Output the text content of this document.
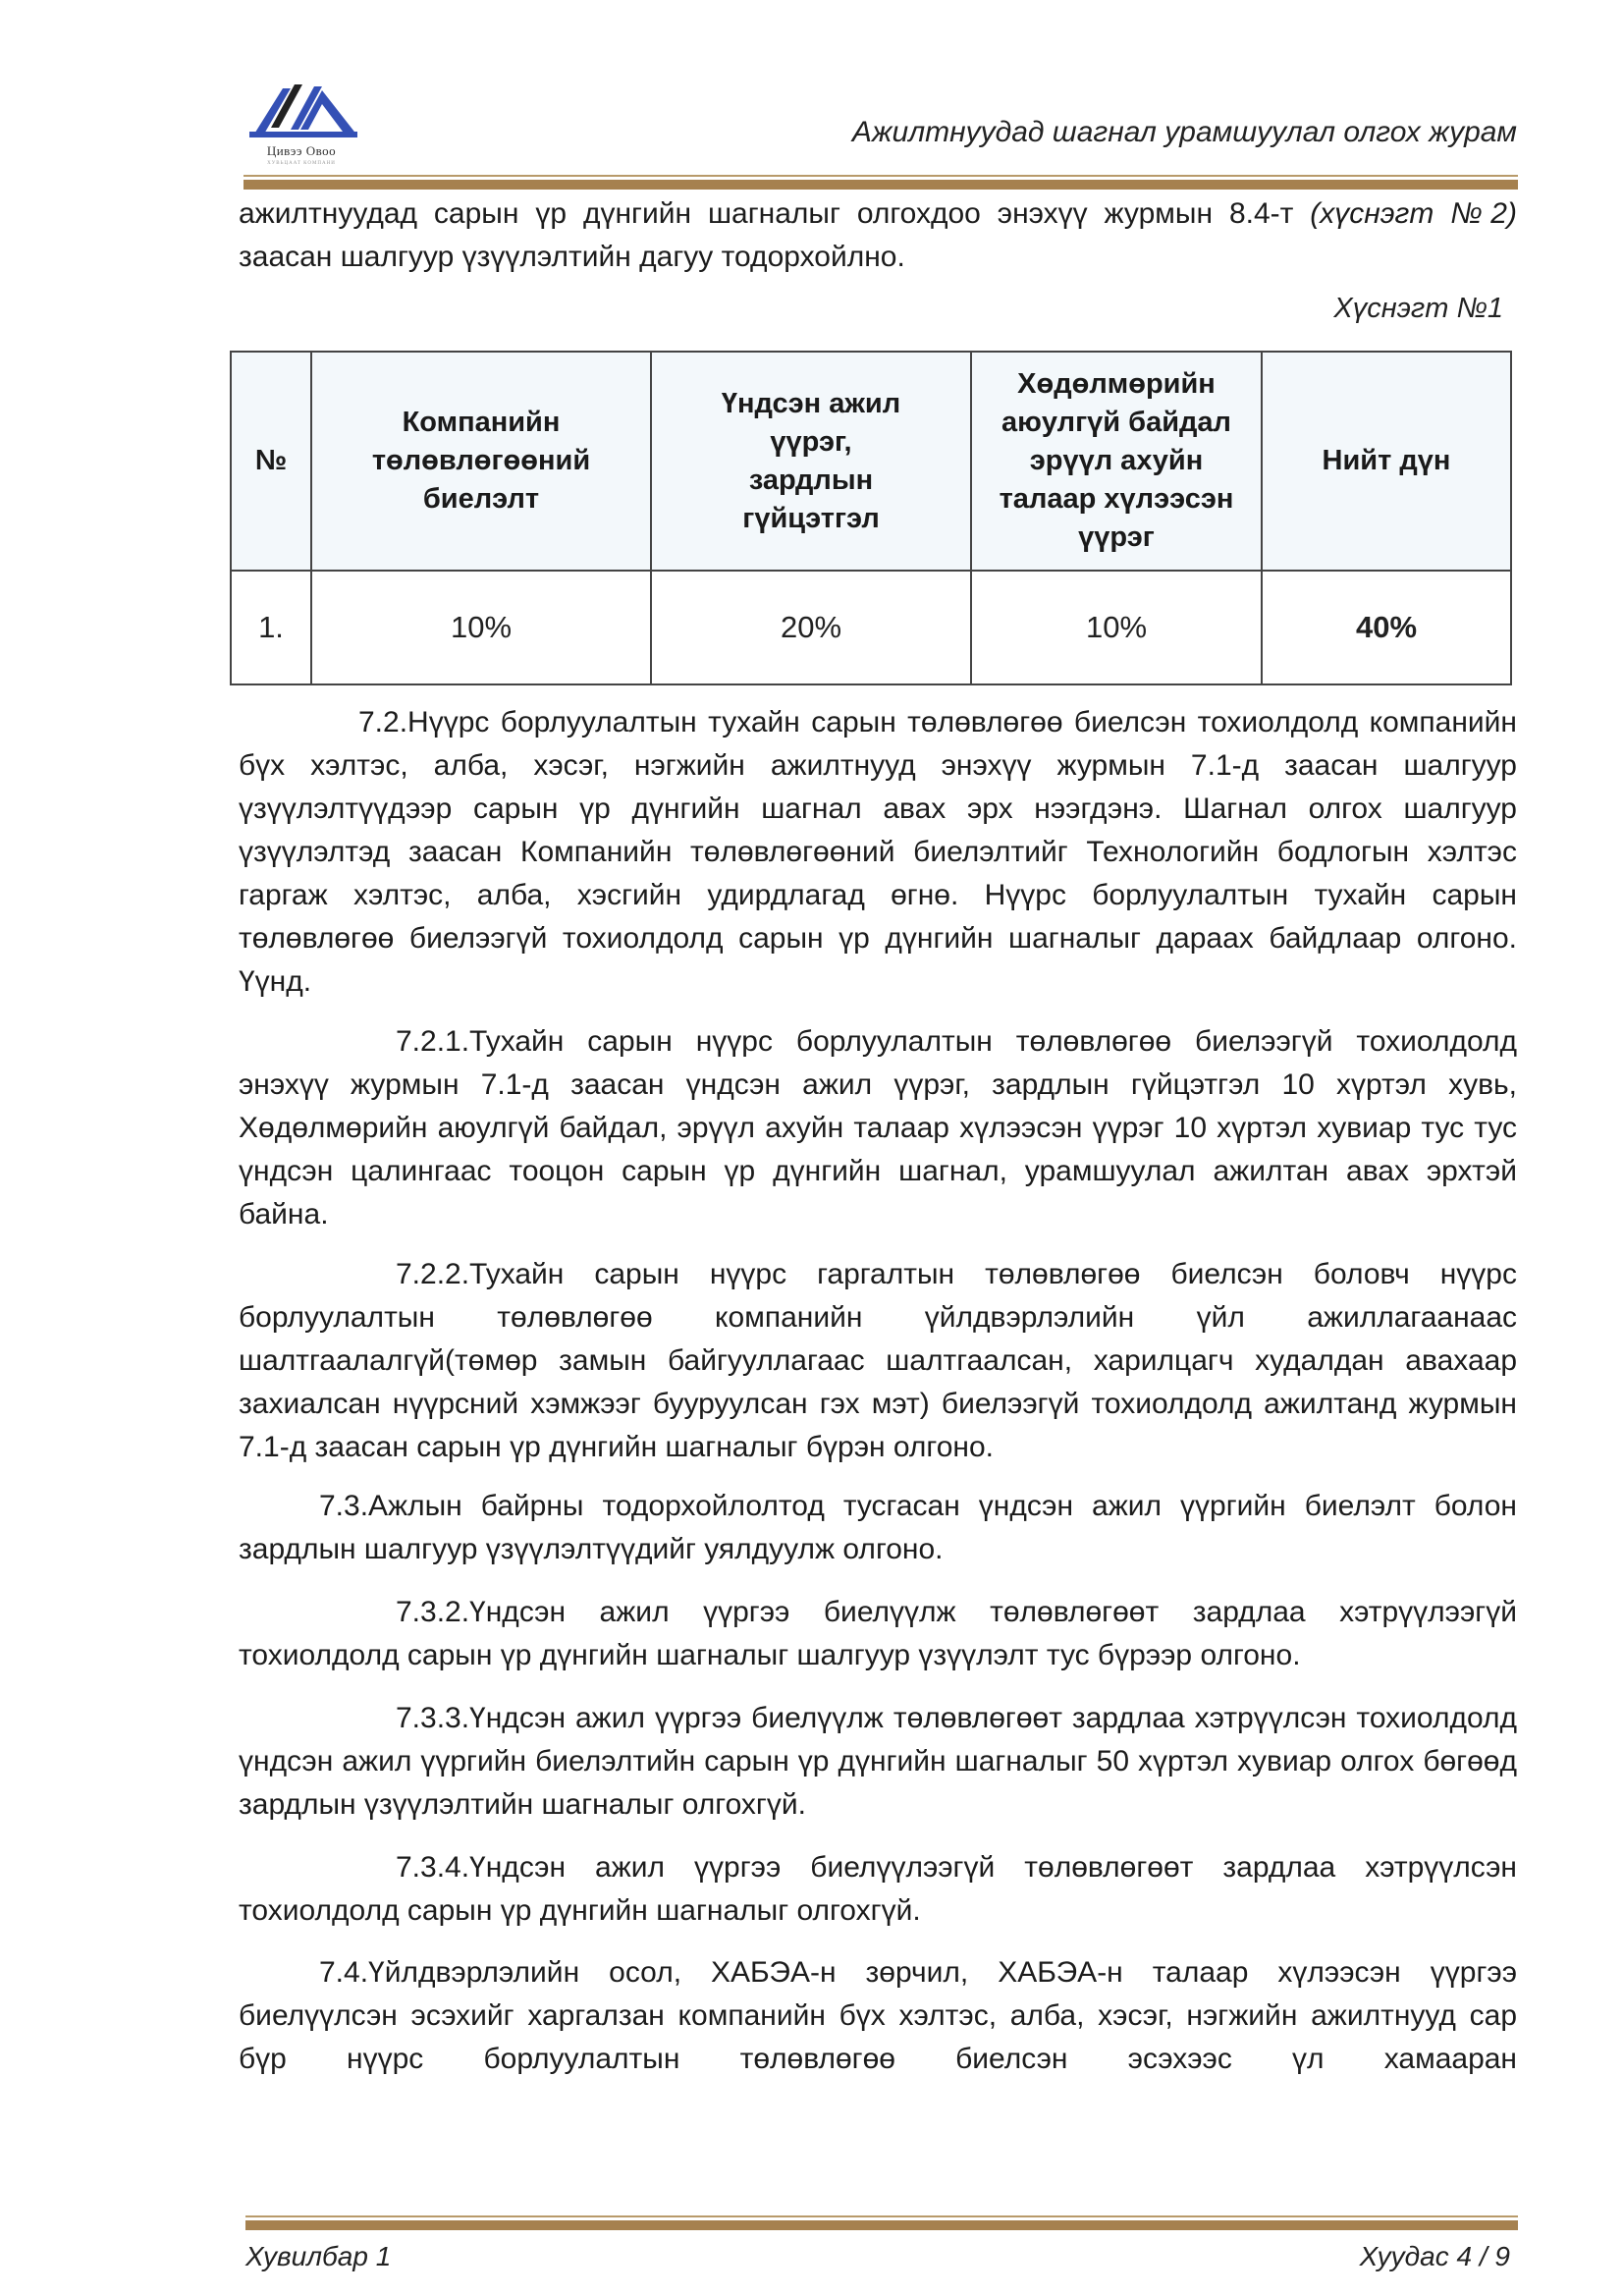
Цивээ Овоо
ХУВЬЦААТ КОМПАНИ
Ажилтнуудад шагнал урамшуулал олгох журам

ажилтнуудад сарын үр дүнгийн шагналыг олгохдоо энэхүү журмын 8.4-т (хүснэгт №2) заасан шалгуур үзүүлэлтийн дагуу тодорхойлно.

Хүснэгт №1
№	Компанийн төлөвлөгөөний биелэлт	Үндсэн ажил үүрэг, зардлын гүйцэтгэл	Хөдөлмөрийн аюулгүй байдал эрүүл ахуйн талаар хүлээсэн үүрэг	Нийт дүн
1.	10%	20%	10%	40%

7.2.Нүүрс борлуулалтын тухайн сарын төлөвлөгөө биелсэн тохиолдолд компанийн бүх хэлтэс, алба, хэсэг, нэгжийн ажилтнууд энэхүү журмын 7.1-д заасан шалгуур үзүүлэлтүүдээр сарын үр дүнгийн шагнал авах эрх нээгдэнэ. Шагнал олгох шалгуур үзүүлэлтэд заасан Компанийн төлөвлөгөөний биелэлтийг Технологийн бодлогын хэлтэс гаргаж хэлтэс, алба, хэсгийн удирдлагад өгнө. Нүүрс борлуулалтын тухайн сарын төлөвлөгөө биелээгүй тохиолдолд сарын үр дүнгийн шагналыг дараах байдлаар олгоно. Үүнд.

7.2.1.Тухайн сарын нүүрс борлуулалтын төлөвлөгөө биелээгүй тохиолдолд энэхүү журмын 7.1-д заасан үндсэн ажил үүрэг, зардлын гүйцэтгэл 10 хүртэл хувь, Хөдөлмөрийн аюулгүй байдал, эрүүл ахуйн талаар хүлээсэн үүрэг 10 хүртэл хувиар тус тус үндсэн цалингаас тооцон сарын үр дүнгийн шагнал, урамшуулал ажилтан авах эрхтэй байна.

7.2.2.Тухайн сарын нүүрс гаргалтын төлөвлөгөө биелсэн боловч нүүрс борлуулалтын төлөвлөгөө компанийн үйлдвэрлэлийн үйл ажиллагаанаас шалтгаалалгүй(төмөр замын байгууллагаас шалтгаалсан, харилцагч худалдан авахаар захиалсан нүүрсний хэмжээг бууруулсан гэх мэт) биелээгүй тохиолдолд ажилтанд журмын 7.1-д заасан сарын үр дүнгийн шагналыг бүрэн олгоно.

7.3.Ажлын байрны тодорхойлолтод тусгасан үндсэн ажил үүргийн биелэлт болон зардлын шалгуур үзүүлэлтүүдийг уялдуулж олгоно.

7.3.2.Үндсэн ажил үүргээ биелүүлж төлөвлөгөөт зардлаа хэтрүүлээгүй тохиолдолд сарын үр дүнгийн шагналыг шалгуур үзүүлэлт тус бүрээр олгоно.

7.3.3.Үндсэн ажил үүргээ биелүүлж төлөвлөгөөт зардлаа хэтрүүлсэн тохиолдолд үндсэн ажил үүргийн биелэлтийн сарын үр дүнгийн шагналыг 50 хүртэл хувиар олгох бөгөөд зардлын үзүүлэлтийн шагналыг олгохгүй.

7.3.4.Үндсэн ажил үүргээ биелүүлээгүй төлөвлөгөөт зардлаа хэтрүүлсэн тохиолдолд сарын үр дүнгийн шагналыг олгохгүй.

7.4.Үйлдвэрлэлийн осол, ХАБЭА-н зөрчил, ХАБЭА-н талаар хүлээсэн үүргээ биелүүлсэн эсэхийг харгалзан компанийн бүх хэлтэс, алба, хэсэг, нэгжийн ажилтнууд сар бүр нүүрс борлуулалтын төлөвлөгөө биелсэн эсэхээс үл хамааран

Хувилбар 1	Хуудас 4 / 9
